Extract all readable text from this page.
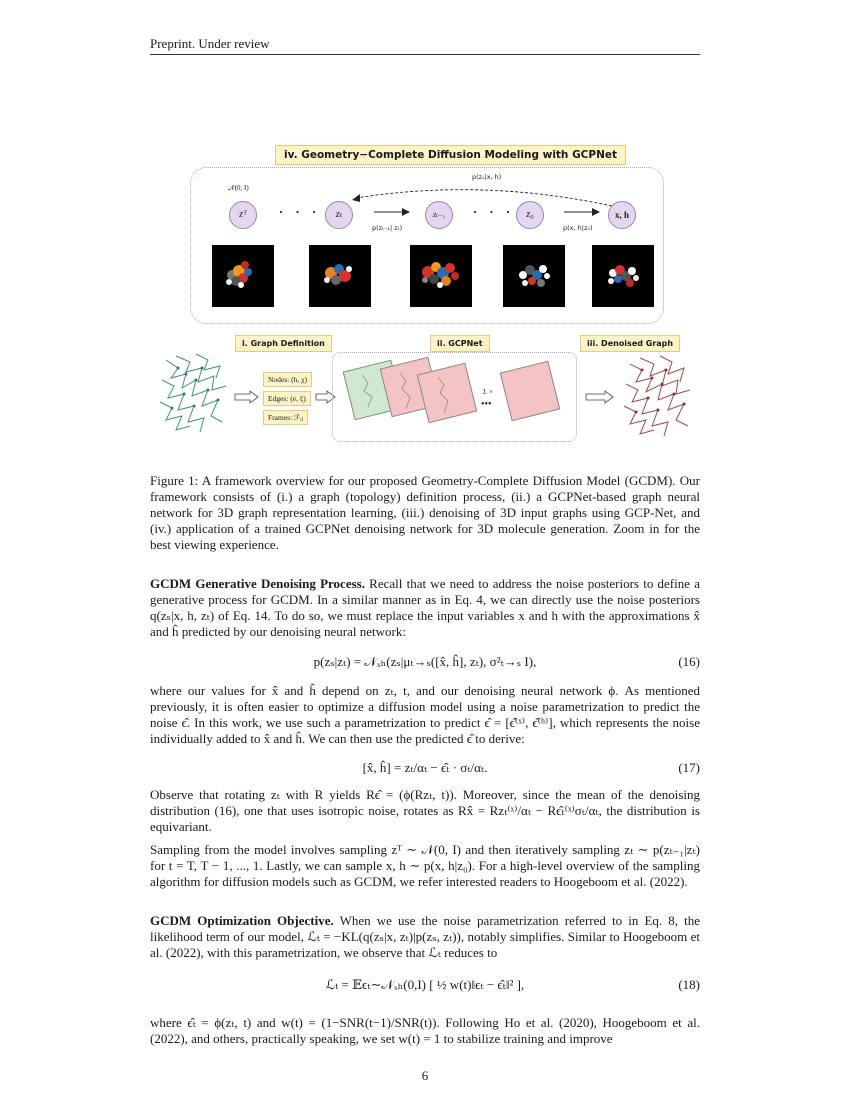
Preprint. Under review
iv. Geometry−Complete Diffusion Modeling with GCPNet
𝒩(0, I)
p(zₛ|x, h)
zᵀ	· · ·	zₜ
p(zₜ₋₁| zₜ)
zₜ₋₁	· · ·	z₀
p(x, h|z₀)
x, h
i. Graph Definition	ii. GCPNet	iii. Denoised Graph
Nodes: (h, χ)
Edges: (e, ξ)
Frames: ℱᵢⱼ
L ×
•••
Figure 1: A framework overview for our proposed Geometry-Complete Diffusion Model (GCDM). Our framework consists of (i.) a graph (topology) definition process, (ii.) a GCPNet-based graph neural network for 3D graph representation learning, (iii.) denoising of 3D input graphs using GCP-Net, and (iv.) application of a trained GCPNet denoising network for 3D molecule generation. Zoom in for the best viewing experience.
GCDM Generative Denoising Process. Recall that we need to address the noise posteriors to define a generative process for GCDM. In a similar manner as in Eq. 4, we can directly use the noise posteriors q(zₛ|x, h, zₜ) of Eq. 14. To do so, we must replace the input variables x and h with the approximations x̂ and ĥ predicted by our denoising neural network:
p(zₛ|zₜ) = 𝒩ₓₕ(zₛ|μₜ→ₛ([x̂, ĥ], zₜ), σ²ₜ→ₛ I),	(16)
where our values for x̂ and ĥ depend on zₜ, t, and our denoising neural network ϕ. As mentioned previously, it is often easier to optimize a diffusion model using a noise parametrization to predict the noise ϵ̂. In this work, we use such a parametrization to predict ϵ̂ = [ϵ̂⁽ˣ⁾, ϵ̂⁽ʰ⁾], which represents the noise individually added to x̂ and ĥ. We can then use the predicted ϵ̂ to derive:
[x̂, ĥ] = zₜ/αₜ − ϵ̂ₜ · σₜ/αₜ.	(17)
Observe that rotating zₜ with R yields Rϵ̂ = (ϕ(Rzₜ, t)). Moreover, since the mean of the denoising distribution (16), one that uses isotropic noise, rotates as Rx̂ = Rzₜ⁽ˣ⁾/αₜ − Rϵ̂ₜ⁽ˣ⁾σₜ/αₜ, the distribution is equivariant.
Sampling from the model involves sampling zᵀ ∼ 𝒩(0, I) and then iteratively sampling zₜ ∼ p(zₜ₋₁|zₜ) for t = T, T − 1, ..., 1. Lastly, we can sample x, h ∼ p(x, h|z₀). For a high-level overview of the sampling algorithm for diffusion models such as GCDM, we refer interested readers to Hoogeboom et al. (2022).
GCDM Optimization Objective. When we use the noise parametrization referred to in Eq. 8, the likelihood term of our model, ℒₜ = −KL(q(zₛ|x, zₜ)|p(zₛ, zₜ)), notably simplifies. Similar to Hoogeboom et al. (2022), with this parametrization, we observe that ℒₜ reduces to
ℒₜ = 𝔼ϵₜ∼𝒩ₓₕ(0,I) [ ½ w(t)‖ϵₜ − ϵ̂ₜ‖² ],	(18)
where ϵ̂ₜ = ϕ(zₜ, t) and w(t) = (1−SNR(t−1)/SNR(t)). Following Ho et al. (2020), Hoogeboom et al. (2022), and others, practically speaking, we set w(t) = 1 to stabilize training and improve
6
